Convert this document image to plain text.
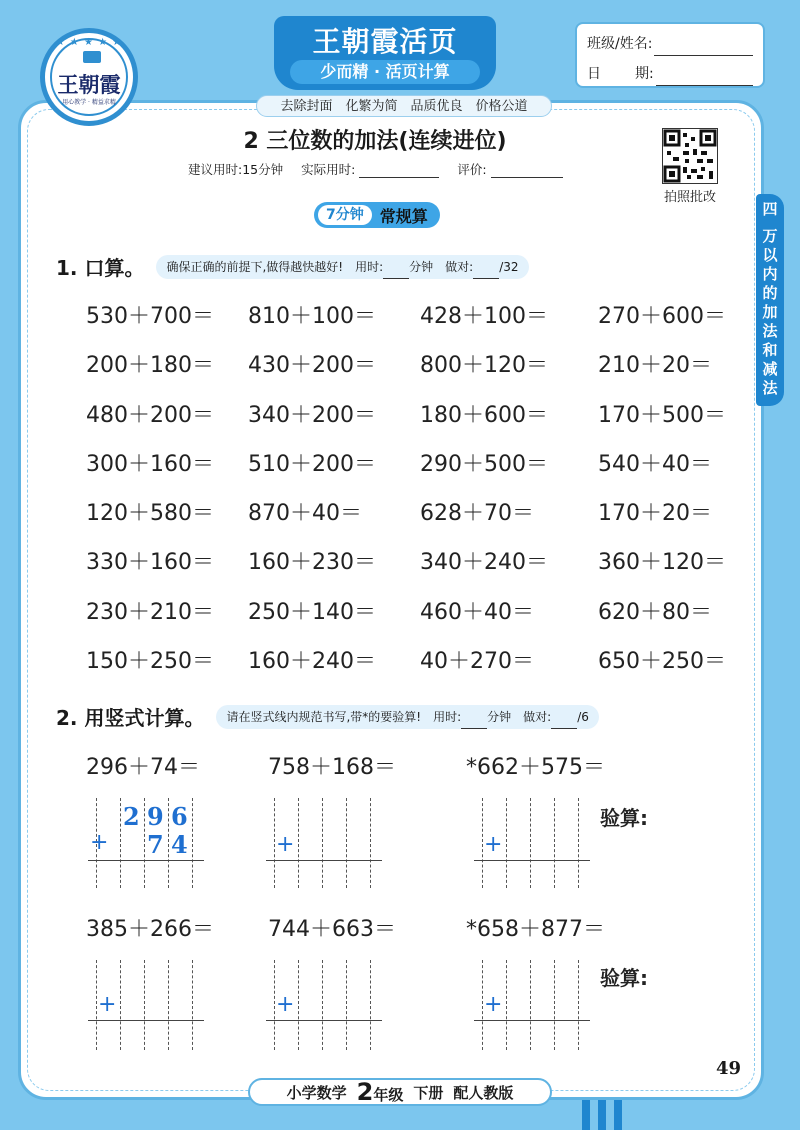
★ ★ ★ ★ ★
王朝霞
用心教学 · 精益求精
王朝霞活页
少而精 · 活页计算
去除封面　化繁为简　品质优良　价格公道
班级/姓名:
日 期:
2 三位数的加法(连续进位)
建议用时:15分钟 实际用时:	评价:
拍照批改
四
万
以
内
的
加
法
和
减
法
7分钟	常规算
1. 口算。	确保正确的前提下,做得越快越好!　用时: 分钟　做对: /32
530＋700＝	810＋100＝	428＋100＝	270＋600＝
200＋180＝	430＋200＝	800＋120＝	210＋20＝
480＋200＝	340＋200＝	180＋600＝	170＋500＝
300＋160＝	510＋200＝	290＋500＝	540＋40＝
120＋580＝	870＋40＝	628＋70＝	170＋20＝
330＋160＝	160＋230＝	340＋240＝	360＋120＝
230＋210＝	250＋140＝	460＋40＝	620＋80＝
150＋250＝	160＋240＝	40＋270＝	650＋250＝
2. 用竖式计算。	请在竖式线内规范书写,带*的要验算!　用时: 分钟　做对: /6
296＋74＝	758＋168＝	*662＋575＝
2 9 6
+ 7 4	+	+
验算:
385＋266＝ 744＋663＝	*658＋877＝
+	+	+
验算:
49
小学数学 2年级 下册 配人教版
